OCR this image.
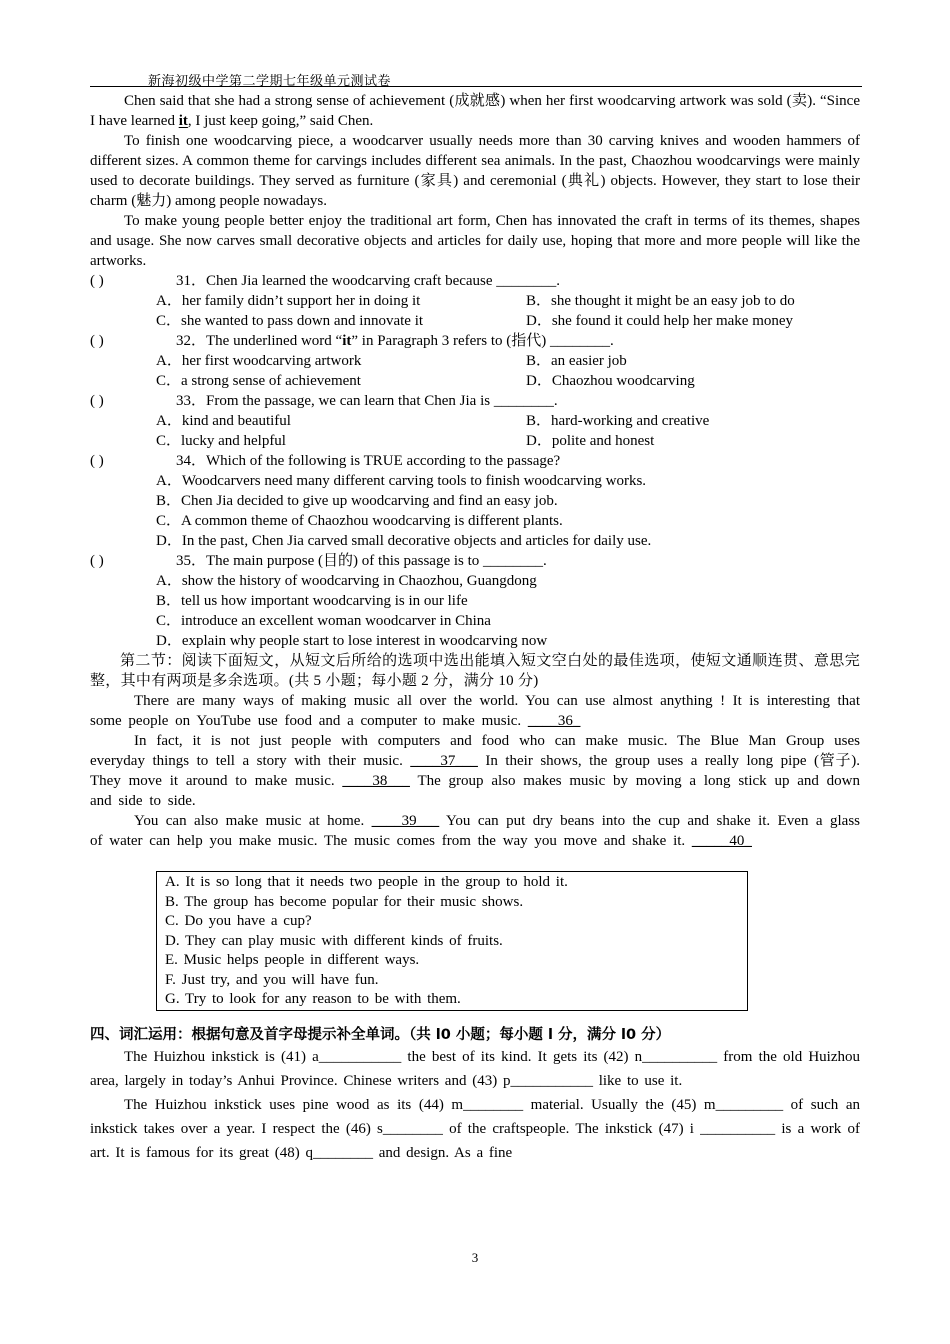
新海初级中学第二学期七年级单元测试卷

Chen said that she had a strong sense of achievement (成就感) when her first woodcarving artwork was sold (卖). “Since I have learned it, I just keep going,” said Chen.

To finish one woodcarving piece, a woodcarver usually needs more than 30 carving knives and wooden hammers of different sizes. A common theme for carvings includes different sea animals. In the past, Chaozhou woodcarvings were mainly used to decorate buildings. They served as furniture (家具) and ceremonial (典礼) objects. However, they start to lose their charm (魅力) among people nowadays.

To make young people better enjoy the traditional art form, Chen has innovated the craft in terms of its themes, shapes and usage. She now carves small decorative objects and articles for daily use, hoping that more and more people will like the artworks.

( )	31．Chen Jia learned the woodcarving craft because ________.
A．her family didn’t support her in doing it	B．she thought it might be an easy job to do
C．she wanted to pass down and innovate it	D．she found it could help her make money
( )	32．The underlined word “it” in Paragraph 3 refers to (指代) ________.
A．her first woodcarving artwork	B．an easier job
C．a strong sense of achievement	D．Chaozhou woodcarving
( )	33．From the passage, we can learn that Chen Jia is ________.
A．kind and beautiful	B．hard-working and creative
C．lucky and helpful	D．polite and honest
( )	34．Which of the following is TRUE according to the passage?
A．Woodcarvers need many different carving tools to finish woodcarving works.
B．Chen Jia decided to give up woodcarving and find an easy job.
C．A common theme of Chaozhou woodcarving is different plants.
D．In the past, Chen Jia carved small decorative objects and articles for daily use.
( )	35．The main purpose (目的) of this passage is to ________.
A．show the history of woodcarving in Chaozhou, Guangdong
B．tell us how important woodcarving is in our life
C．introduce an excellent woman woodcarver in China
D．explain why people start to lose interest in woodcarving now

第二节：阅读下面短文，从短文后所给的选项中选出能填入短文空白处的最佳选项，使短文通顺连贯、意思完整，其中有两项是多余选项。(共 5 小题；每小题 2 分，满分 10 分)

There are many ways of making music all over the world. You can use almost anything ! It is interesting that some people on YouTube use food and a computer to make music. ____36_

In fact, it is not just people with computers and food who can make music. The Blue Man Group uses everyday things to tell a story with their music. ____37___ In their shows, the group uses a really long pipe (管子). They move it around to make music. ____38___ The group also makes music by moving a long stick up and down and side to side.

You can also make music at home. ____39___ You can put dry beans into the cup and shake it. Even a glass of water can help you make music. The music comes from the way you move and shake it. _____40_

A. It is so long that it needs two people in the group to hold it.
B. The group has become popular for their music shows.
C. Do you have a cup?
D. They can play music with different kinds of fruits.
E. Music helps people in different ways.
F. Just try, and you will have fun.
G. Try to look for any reason to be with them.

四、词汇运用：根据句意及首字母提示补全单词。（共 l0 小题；每小题 l 分，满分 l0 分）

The Huizhou inkstick is (41) a___________ the best of its kind. It gets its (42) n__________ from the old Huizhou area, largely in today’s Anhui Province. Chinese writers and (43) p___________ like to use it.

The Huizhou inkstick uses pine wood as its (44) m________ material. Usually the (45) m_________ of such an inkstick takes over a year. I respect the (46) s________ of the craftspeople. The inkstick (47) i __________ is a work of art. It is famous for its great (48) q________ and design. As a fine

3
